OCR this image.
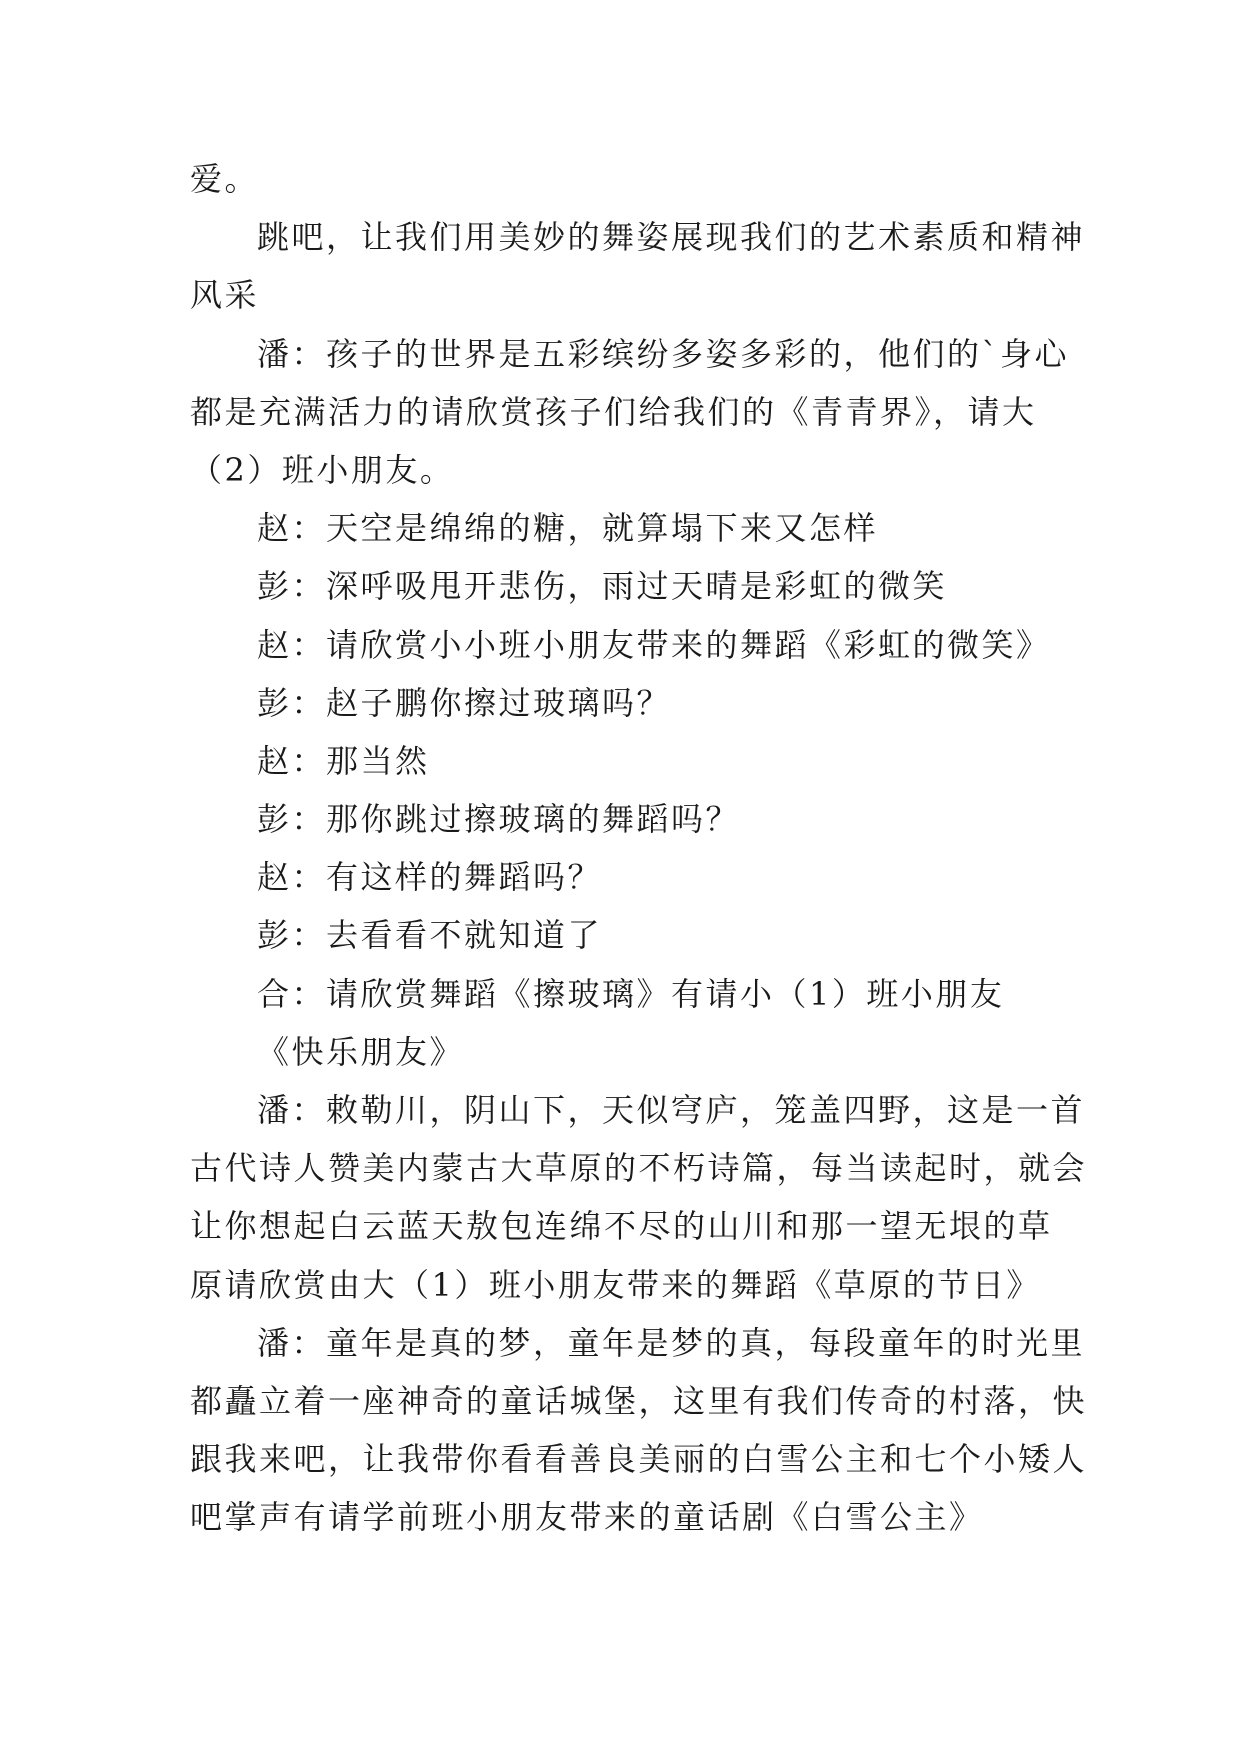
爱。
跳吧，让我们用美妙的舞姿展现我们的艺术素质和精神
风采
潘：孩子的世界是五彩缤纷多姿多彩的，他们的`身心
都是充满活力的请欣赏孩子们给我们的《青青界》，请大
（2）班小朋友。
赵：天空是绵绵的糖，就算塌下来又怎样
彭：深呼吸甩开悲伤，雨过天晴是彩虹的微笑
赵：请欣赏小小班小朋友带来的舞蹈《彩虹的微笑》
彭：赵子鹏你擦过玻璃吗？
赵：那当然
彭：那你跳过擦玻璃的舞蹈吗？
赵：有这样的舞蹈吗？
彭：去看看不就知道了
合：请欣赏舞蹈《擦玻璃》有请小（1）班小朋友
《快乐朋友》
潘：敕勒川，阴山下，天似穹庐，笼盖四野，这是一首
古代诗人赞美内蒙古大草原的不朽诗篇，每当读起时，就会
让你想起白云蓝天敖包连绵不尽的山川和那一望无垠的草
原请欣赏由大（1）班小朋友带来的舞蹈《草原的节日》
潘：童年是真的梦，童年是梦的真，每段童年的时光里
都矗立着一座神奇的童话城堡，这里有我们传奇的村落，快
跟我来吧，让我带你看看善良美丽的白雪公主和七个小矮人
吧掌声有请学前班小朋友带来的童话剧《白雪公主》
